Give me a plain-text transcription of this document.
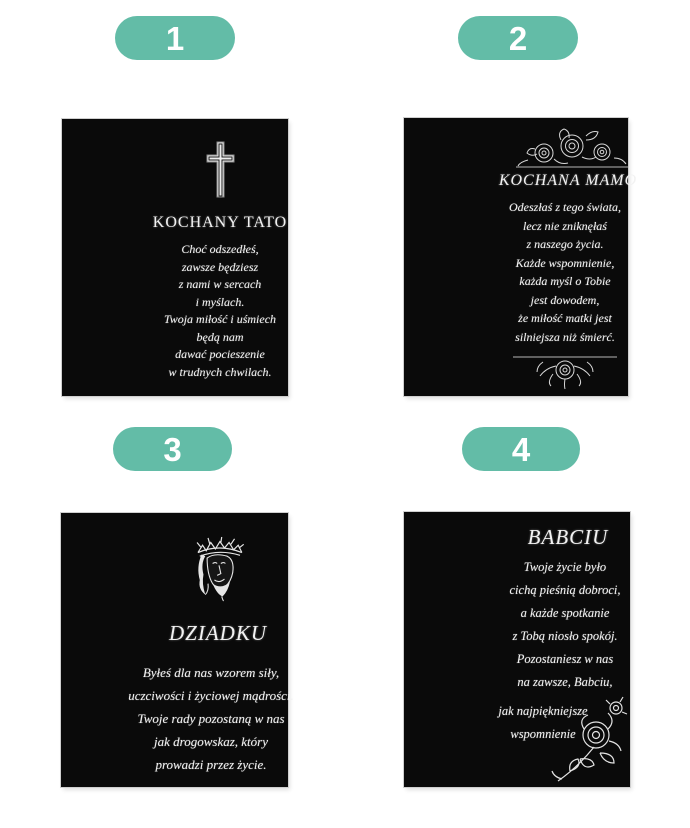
1	2
3	4
KOCHANY TATO
Choć odszedłeś,
zawsze będziesz
z nami w sercach
i myślach.
Twoja miłość i uśmiech
będą nam
dawać pocieszenie
w trudnych chwilach.
KOCHANA MAMO
Odeszłaś z tego świata,
lecz nie zniknęłaś
z naszego życia.
Każde wspomnienie,
każda myśl o Tobie
jest dowodem,
że miłość matki jest
silniejsza niż śmierć.
DZIADKU
Byłeś dla nas wzorem siły,
uczciwości i życiowej mądrości.
Twoje rady pozostaną w nas
jak drogowskaz, który
prowadzi przez życie.
BABCIU
Twoje życie było
cichą pieśnią dobroci,
a każde spotkanie
z Tobą niosło spokój.
Pozostaniesz w nas
na zawsze, Babciu,
jak najpiękniejsze
wspomnienie
